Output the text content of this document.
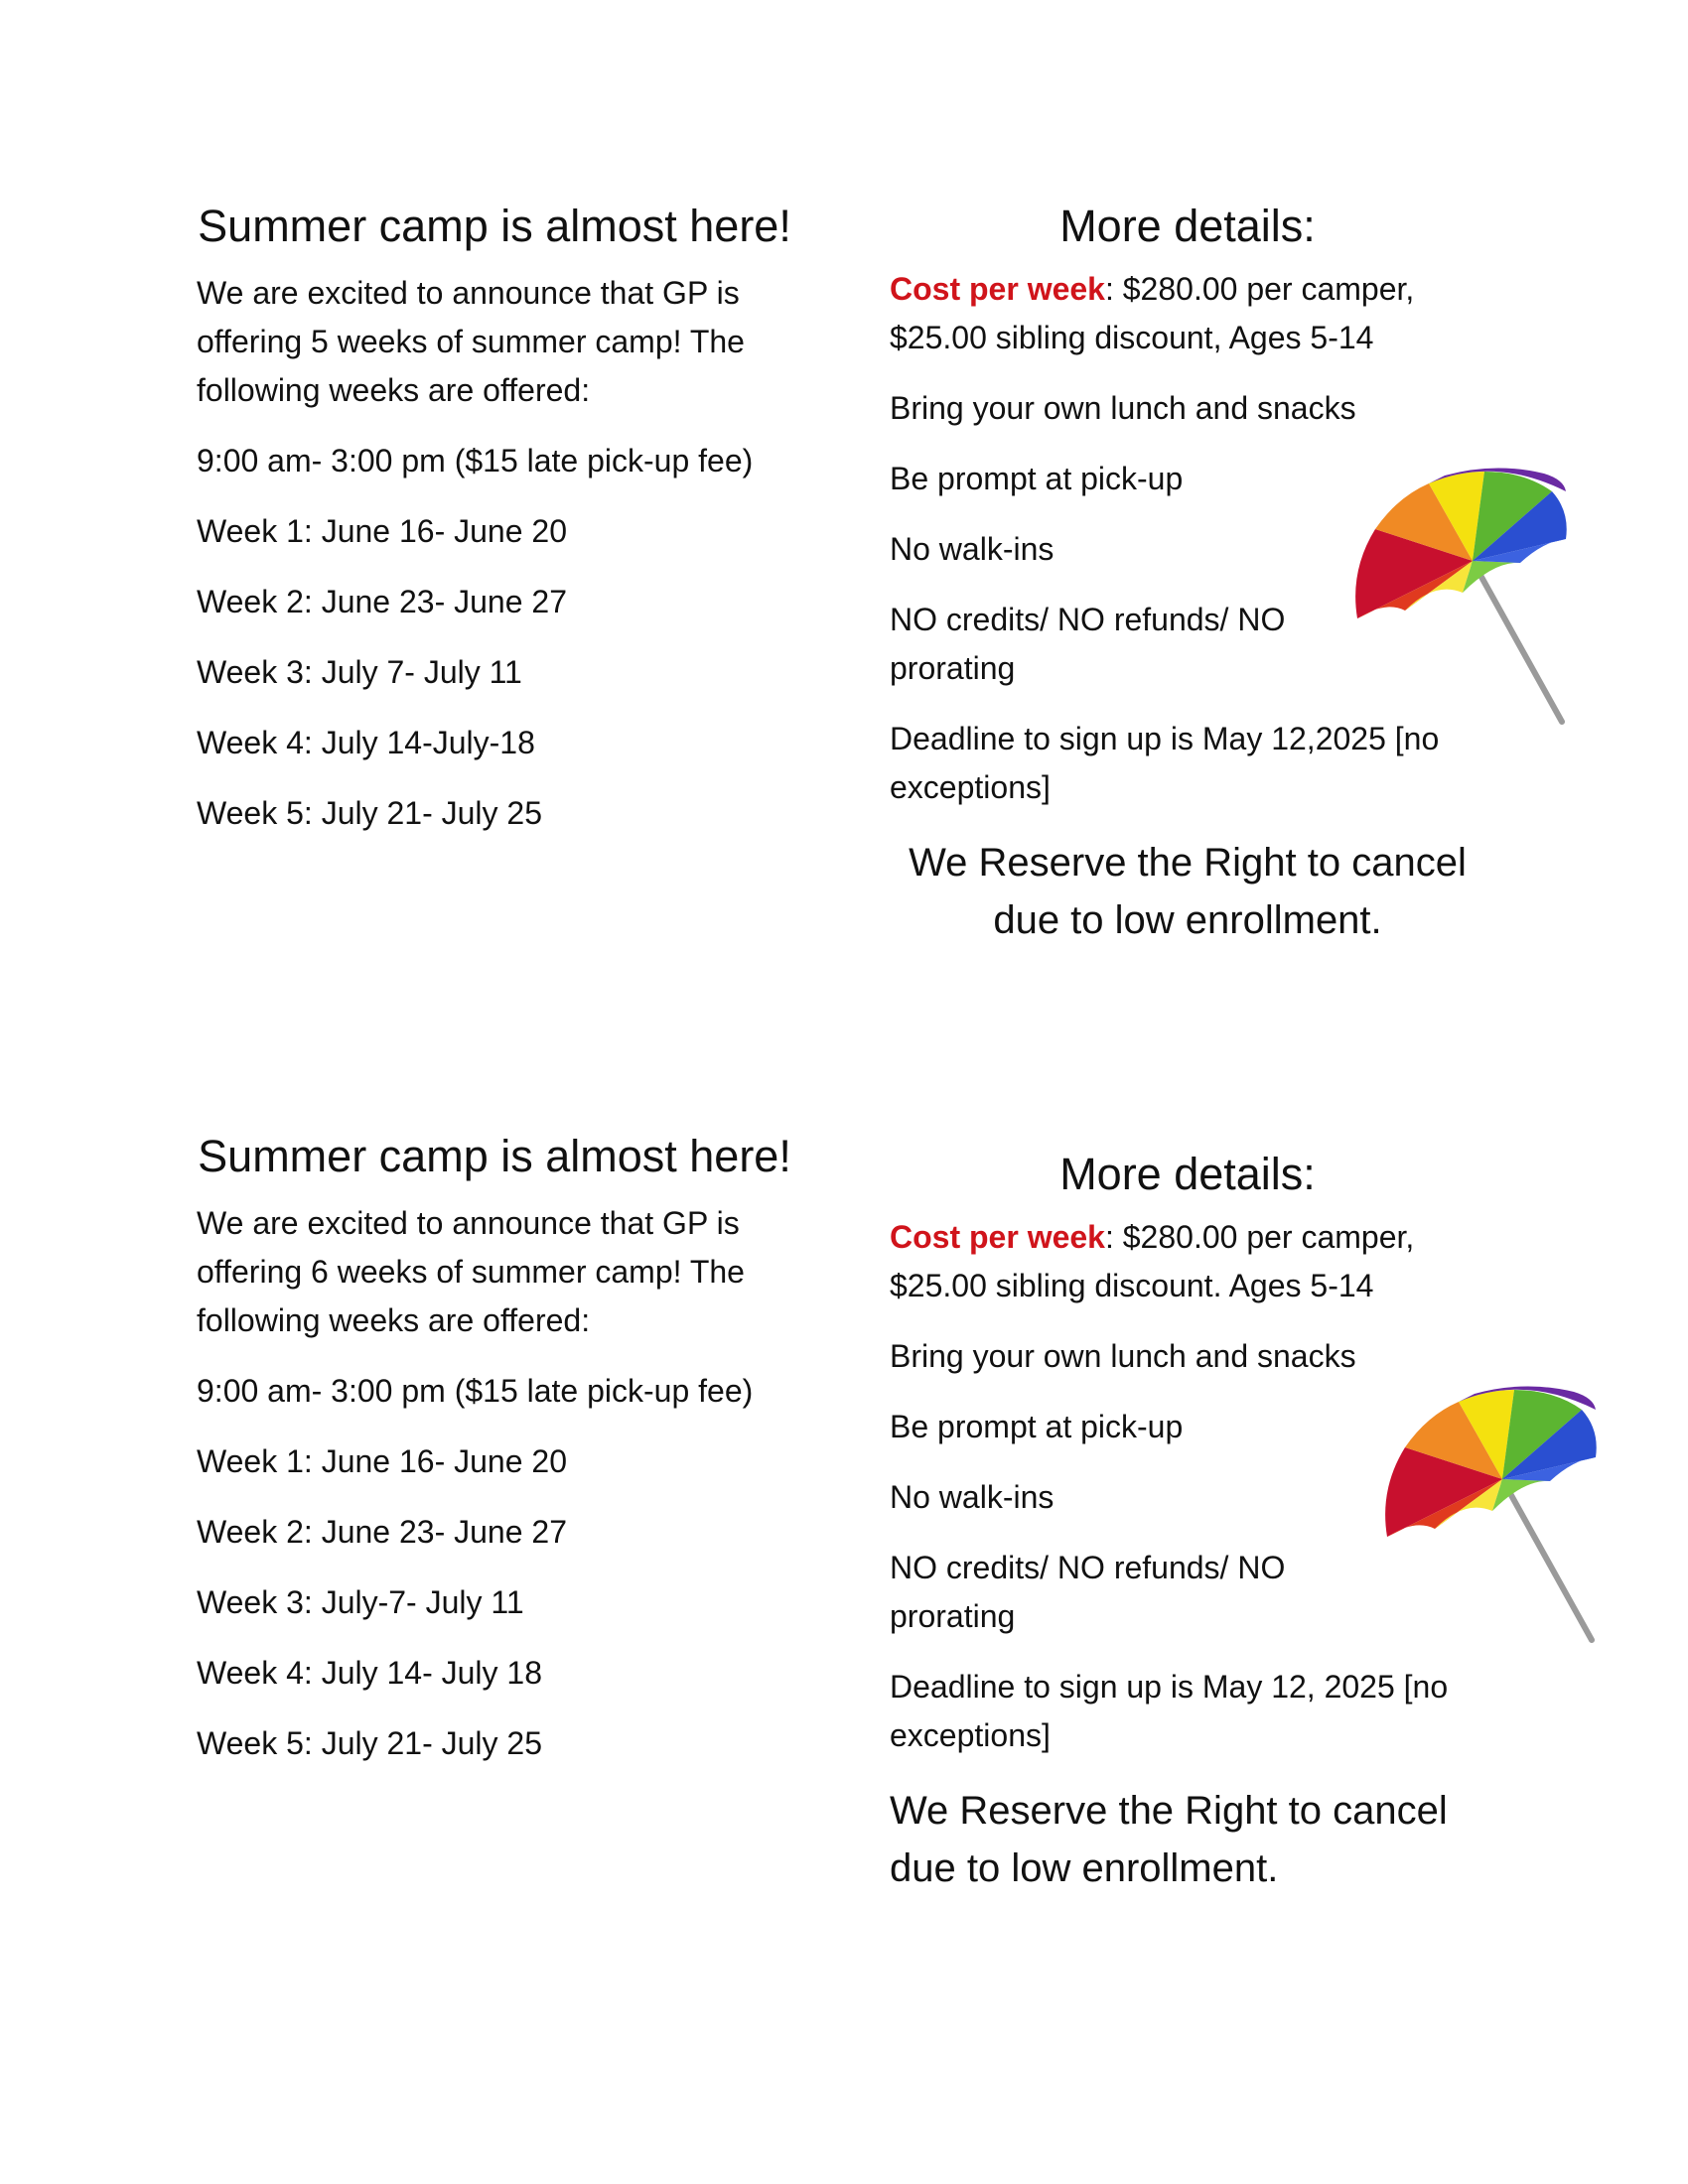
Summer camp is almost here!

We are excited to announce that GP is offering 5 weeks of summer camp! The following weeks are offered:

9:00 am- 3:00 pm ($15 late pick-up fee)

Week 1: June 16- June 20
Week 2: June 23- June 27
Week 3: July 7- July 11
Week 4: July 14-July-18
Week 5: July 21- July 25
More details:

Cost per week: $280.00 per camper, $25.00 sibling discount, Ages 5-14

Bring your own lunch and snacks

Be prompt at pick-up

No walk-ins

NO credits/ NO refunds/ NO prorating

Deadline to sign up is May 12,2025 [no exceptions]

We Reserve the Right to cancel due to low enrollment.

Summer camp is almost here!

We are excited to announce that GP is offering 6 weeks of summer camp! The following weeks are offered:

9:00 am- 3:00 pm ($15 late pick-up fee)

Week 1: June 16- June 20
Week 2: June 23- June 27
Week 3: July-7- July 11
Week 4: July 14- July 18
Week 5: July 21- July 25
More details:

Cost per week: $280.00 per camper, $25.00 sibling discount. Ages 5-14

Bring your own lunch and snacks

Be prompt at pick-up

No walk-ins

NO credits/ NO refunds/ NO prorating

Deadline to sign up is May 12, 2025 [no exceptions]

We Reserve the Right to cancel due to low enrollment.
